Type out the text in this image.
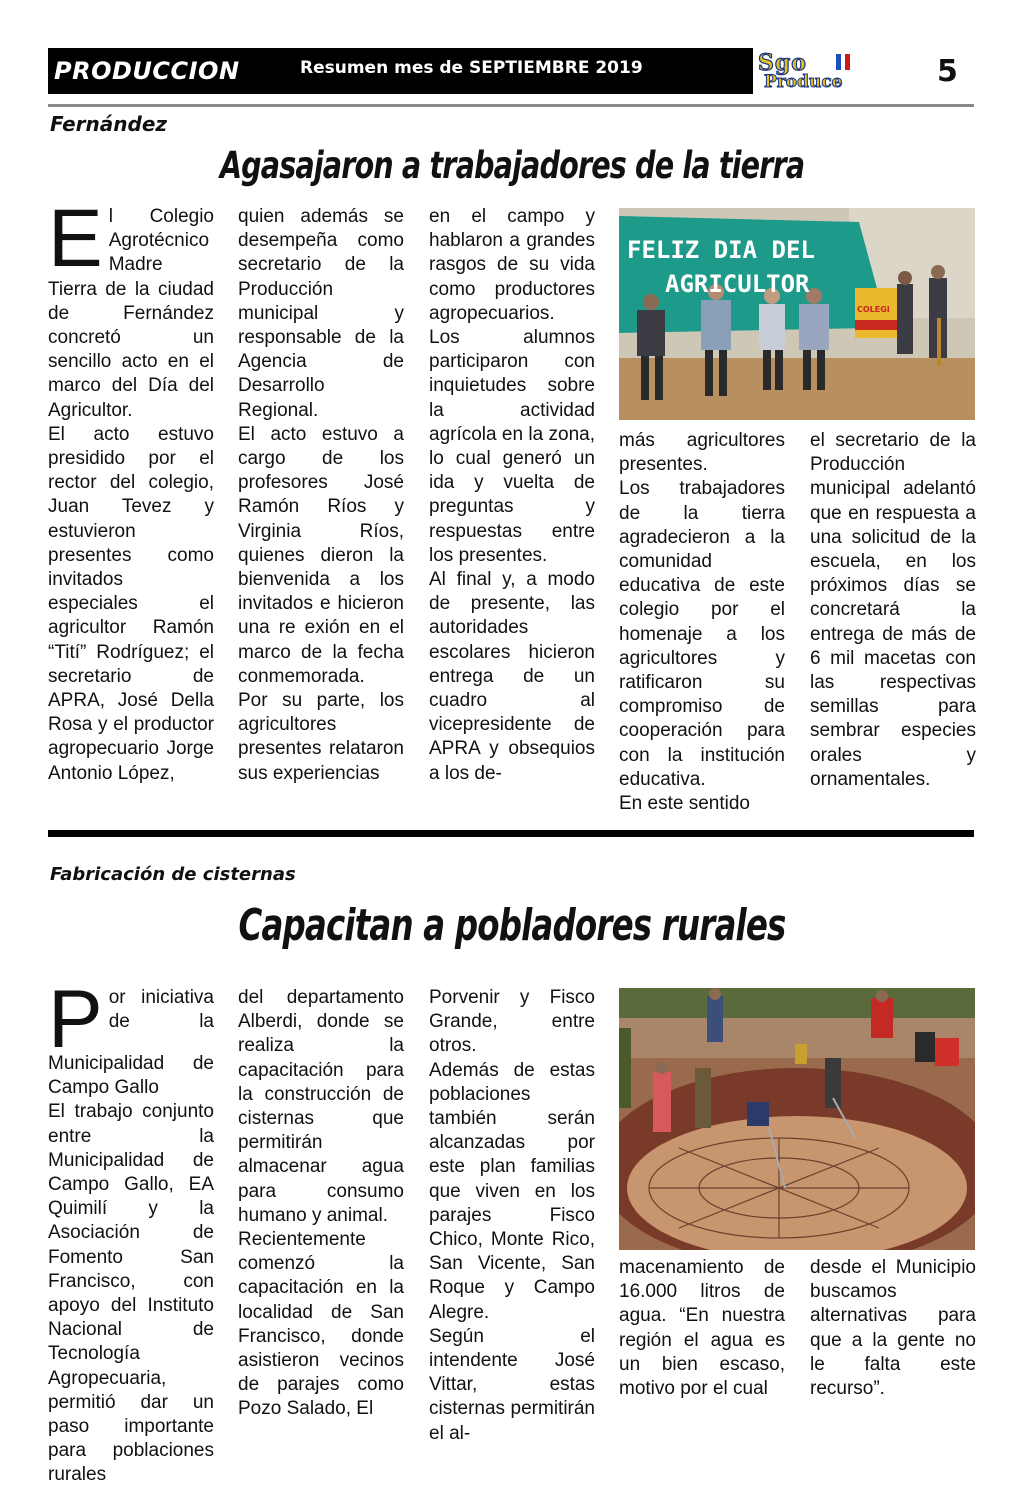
PRODUCCION	Resumen mes de SEPTIEMBRE 2019	Sgo
Produce	5
Fernández
Agasajaron a trabajadores de la tierra
El Colegio Agrotécnico Madre Tierra de la ciudad de Fernández concretó un sencillo acto en el marco del Día del Agricultor.
El acto estuvo presidido por el rector del colegio, Juan Tevez y estuvieron presentes como invitados especiales el agricultor Ramón “Tití” Rodríguez; el secretario de APRA, José Della Rosa y el productor agropecuario Jorge Antonio López,
quien además se desempeña como secretario de la Producción municipal y responsable de la Agencia de Desarrollo Regional.
El acto estuvo a cargo de los profesores José Ramón Ríos y Virginia Ríos, quienes dieron la bienvenida a los invitados e hicieron una re exión en el marco de la fecha conmemorada.
Por su parte, los agricultores presentes relataron sus experiencias
en el campo y hablaron a grandes rasgos de su vida como productores agropecuarios.
Los alumnos participaron con inquietudes sobre la actividad agrícola en la zona, lo cual generó un ida y vuelta de preguntas y respuestas entre los presentes.
Al final y, a modo de presente, las autoridades escolares hicieron entrega de un cuadro al vicepresidente de APRA y obsequios a los de-
FELIZ DIA DEL
AGRICULTOR
COLEGI
más agricultores presentes.
Los trabajadores de la tierra agradecieron a la comunidad educativa de este colegio por el homenaje a los agricultores y ratificaron su compromiso de cooperación para con la institución educativa.
En este sentido
el secretario de la Producción municipal adelantó que en respuesta a una solicitud de la escuela, en los próximos días se concretará la entrega de más de 6 mil macetas con las respectivas semillas para sembrar especies orales y ornamentales.
Fabricación de cisternas
Capacitan a pobladores rurales
Por iniciativa de la Municipalidad de Campo Gallo
El trabajo conjunto entre la Municipalidad de Campo Gallo, EA Quimilí y la Asociación de Fomento San Francisco, con apoyo del Instituto Nacional de Tecnología Agropecuaria, permitió dar un paso importante para poblaciones rurales
del departamento Alberdi, donde se realiza la capacitación para la construcción de cisternas que permitirán almacenar agua para consumo humano y animal.
Recientemente comenzó la capacitación en la localidad de San Francisco, donde asistieron vecinos de parajes como Pozo Salado, El
Porvenir y Fisco Grande, entre otros.
Además de estas poblaciones también serán alcanzadas por este plan familias que viven en los parajes Fisco Chico, Monte Rico, San Vicente, San Roque y Campo Alegre.
Según el intendente José Vittar, estas cisternas permitirán el al-
macenamiento de 16.000 litros de agua. “En nuestra región el agua es un bien escaso, motivo por el cual
desde el Municipio buscamos alternativas para que a la gente no le falta este recurso”.
